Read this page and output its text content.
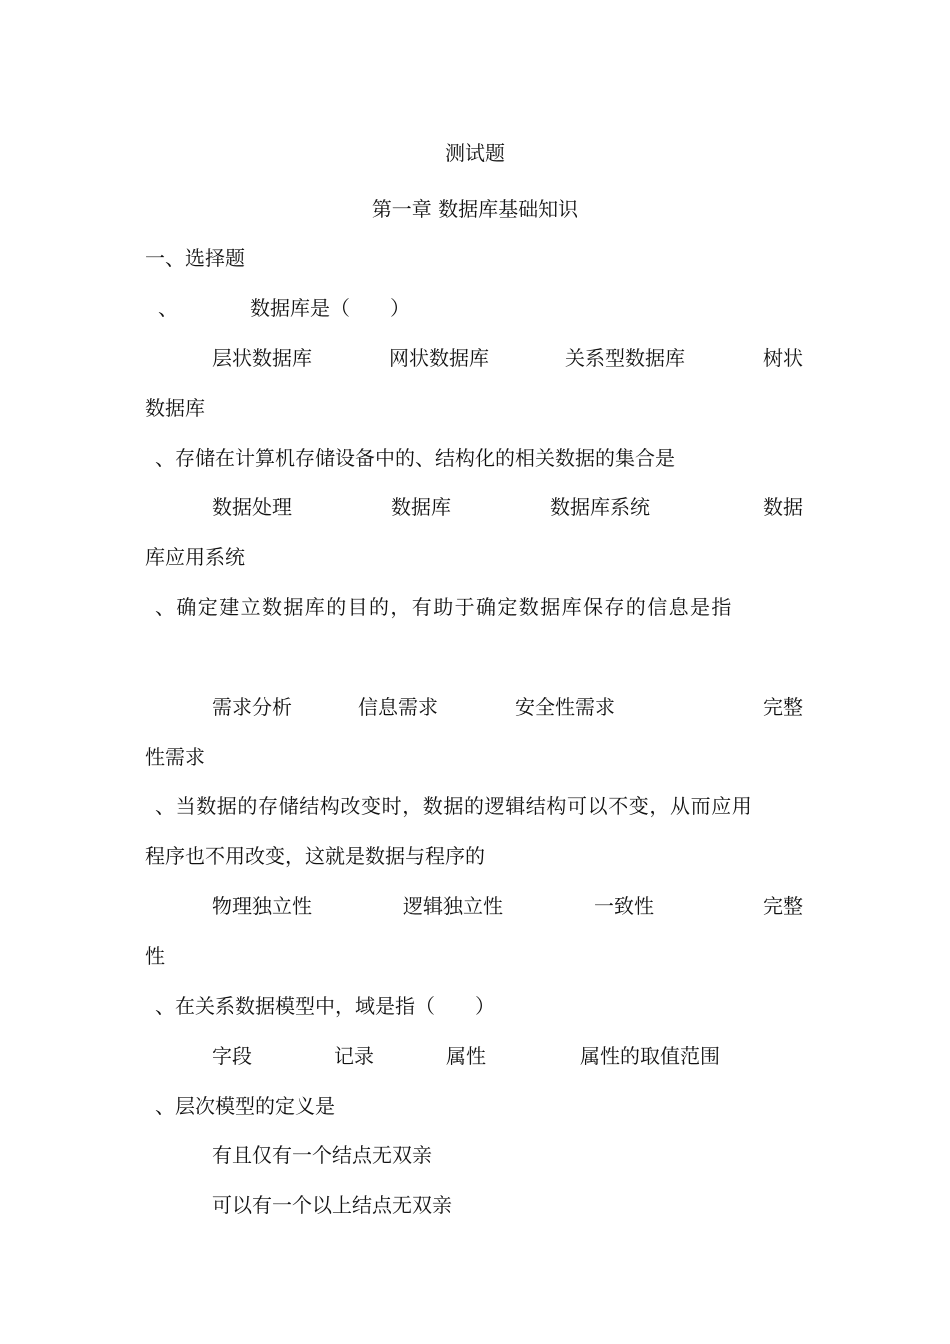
测试题
第一章 数据库基础知识
一、选择题
、	数据库是（　　）
层状数据库	网状数据库	关系型数据库	树状
数据库
、存储在计算机存储设备中的、结构化的相关数据的集合是
数据处理	数据库	数据库系统	数据
库应用系统
、确定建立数据库的目的，有助于确定数据库保存的信息是指
需求分析	信息需求	安全性需求	完整
性需求
、当数据的存储结构改变时，数据的逻辑结构可以不变，从而应用
程序也不用改变，这就是数据与程序的
物理独立性	逻辑独立性	一致性	完整
性
、在关系数据模型中，域是指（　　）
字段	记录	属性	属性的取值范围
、层次模型的定义是
有且仅有一个结点无双亲
可以有一个以上结点无双亲
